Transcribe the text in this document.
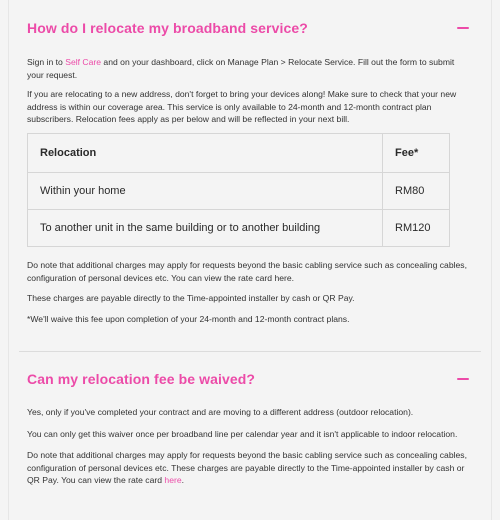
How do I relocate my broadband service?

Sign in to Self Care and on your dashboard, click on Manage Plan > Relocate Service. Fill out the form to submit your request.

If you are relocating to a new address, don't forget to bring your devices along! Make sure to check that your new address is within our coverage area. This service is only available to 24-month and 12-month contract plan subscribers. Relocation fees apply as per below and will be reflected in your next bill.

Relocation	Fee*
Within your home	RM80
To another unit in the same building or to another building	RM120

Do note that additional charges may apply for requests beyond the basic cabling service such as concealing cables, configuration of personal devices etc. You can view the rate card here.

These charges are payable directly to the Time-appointed installer by cash or QR Pay.

*We'll waive this fee upon completion of your 24-month and 12-month contract plans.

Can my relocation fee be waived?

Yes, only if you've completed your contract and are moving to a different address (outdoor relocation).

You can only get this waiver once per broadband line per calendar year and it isn't applicable to indoor relocation.

Do note that additional charges may apply for requests beyond the basic cabling service such as concealing cables, configuration of personal devices etc. These charges are payable directly to the Time-appointed installer by cash or QR Pay. You can view the rate card here.
